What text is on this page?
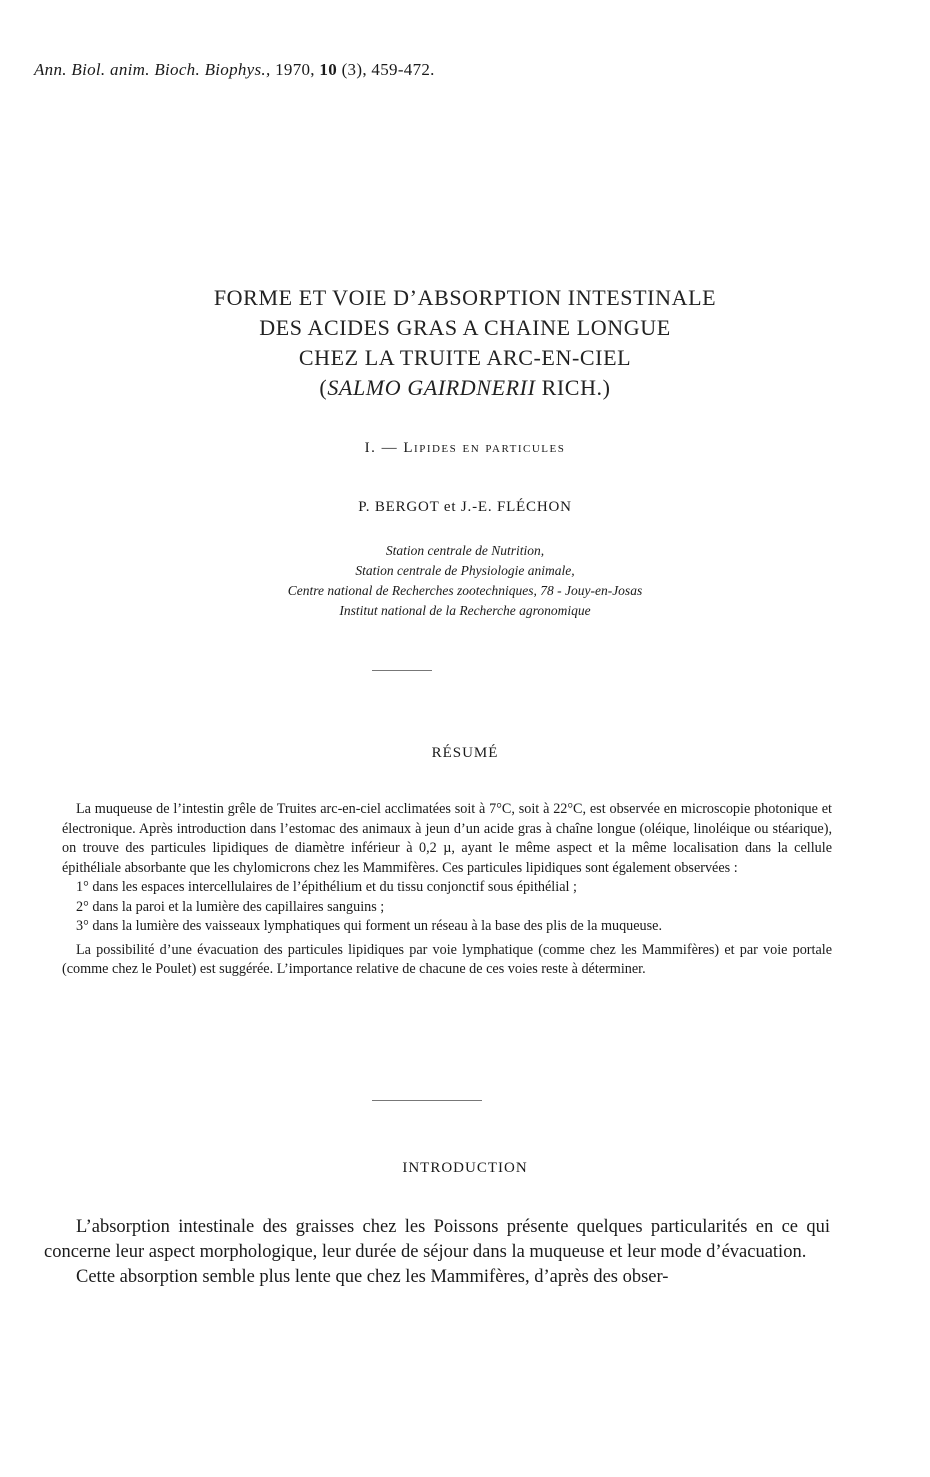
Ann. Biol. anim. Bioch. Biophys., 1970, 10 (3), 459-472.
FORME ET VOIE D’ABSORPTION INTESTINALE
DES ACIDES GRAS A CHAINE LONGUE
CHEZ LA TRUITE ARC-EN-CIEL
(SALMO GAIRDNERII RICH.)
I. — Lipides en particules
P. BERGOT et J.-E. FLÉCHON
Station centrale de Nutrition,
Station centrale de Physiologie animale,
Centre national de Recherches zootechniques, 78 - Jouy-en-Josas
Institut national de la Recherche agronomique
RÉSUMÉ

La muqueuse de l’intestin grêle de Truites arc-en-ciel acclimatées soit à 7°C, soit à 22°C, est observée en microscopie photonique et électronique. Après introduction dans l’estomac des animaux à jeun d’un acide gras à chaîne longue (oléique, linoléique ou stéarique), on trouve des particules lipidiques de diamètre inférieur à 0,2 µ, ayant le même aspect et la même localisation dans la cellule épithéliale absorbante que les chylomicrons chez les Mammifères. Ces particules lipidiques sont également observées :

1° dans les espaces intercellulaires de l’épithélium et du tissu conjonctif sous épithélial ;

2° dans la paroi et la lumière des capillaires sanguins ;

3° dans la lumière des vaisseaux lymphatiques qui forment un réseau à la base des plis de la muqueuse.

La possibilité d’une évacuation des particules lipidiques par voie lymphatique (comme chez les Mammifères) et par voie portale (comme chez le Poulet) est suggérée. L’importance relative de chacune de ces voies reste à déterminer.

INTRODUCTION

L’absorption intestinale des graisses chez les Poissons présente quelques particularités en ce qui concerne leur aspect morphologique, leur durée de séjour dans la muqueuse et leur mode d’évacuation.

Cette absorption semble plus lente que chez les Mammifères, d’après des obser-
